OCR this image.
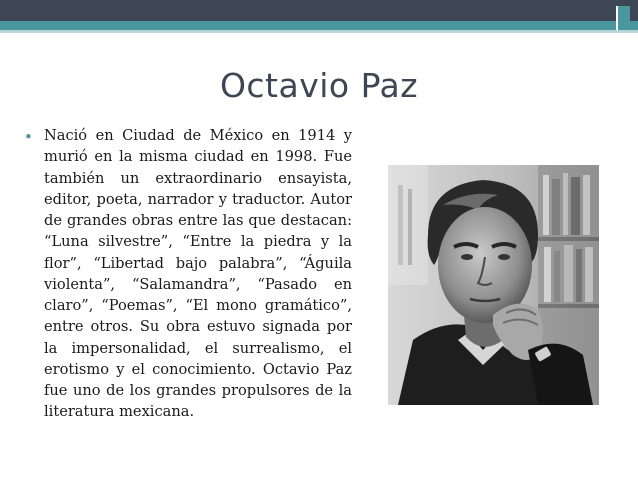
Octavio Paz
• Nació en Ciudad de México en 1914 y murió en la misma ciudad en 1998. Fue también un extraordinario ensayista, editor, poeta, narrador y traductor. Autor de grandes obras entre las que destacan: “Luna silvestre”, “Entre la piedra y la flor”, “Libertad bajo palabra”, “Águila violenta”, “Salamandra”, “Pasado en claro”, “Poemas”, “El mono gramático”, entre otros. Su obra estuvo signada por la impersonalidad, el surrealismo, el erotismo y el conocimiento. Octavio Paz fue uno de los grandes propulsores de la literatura mexicana.
